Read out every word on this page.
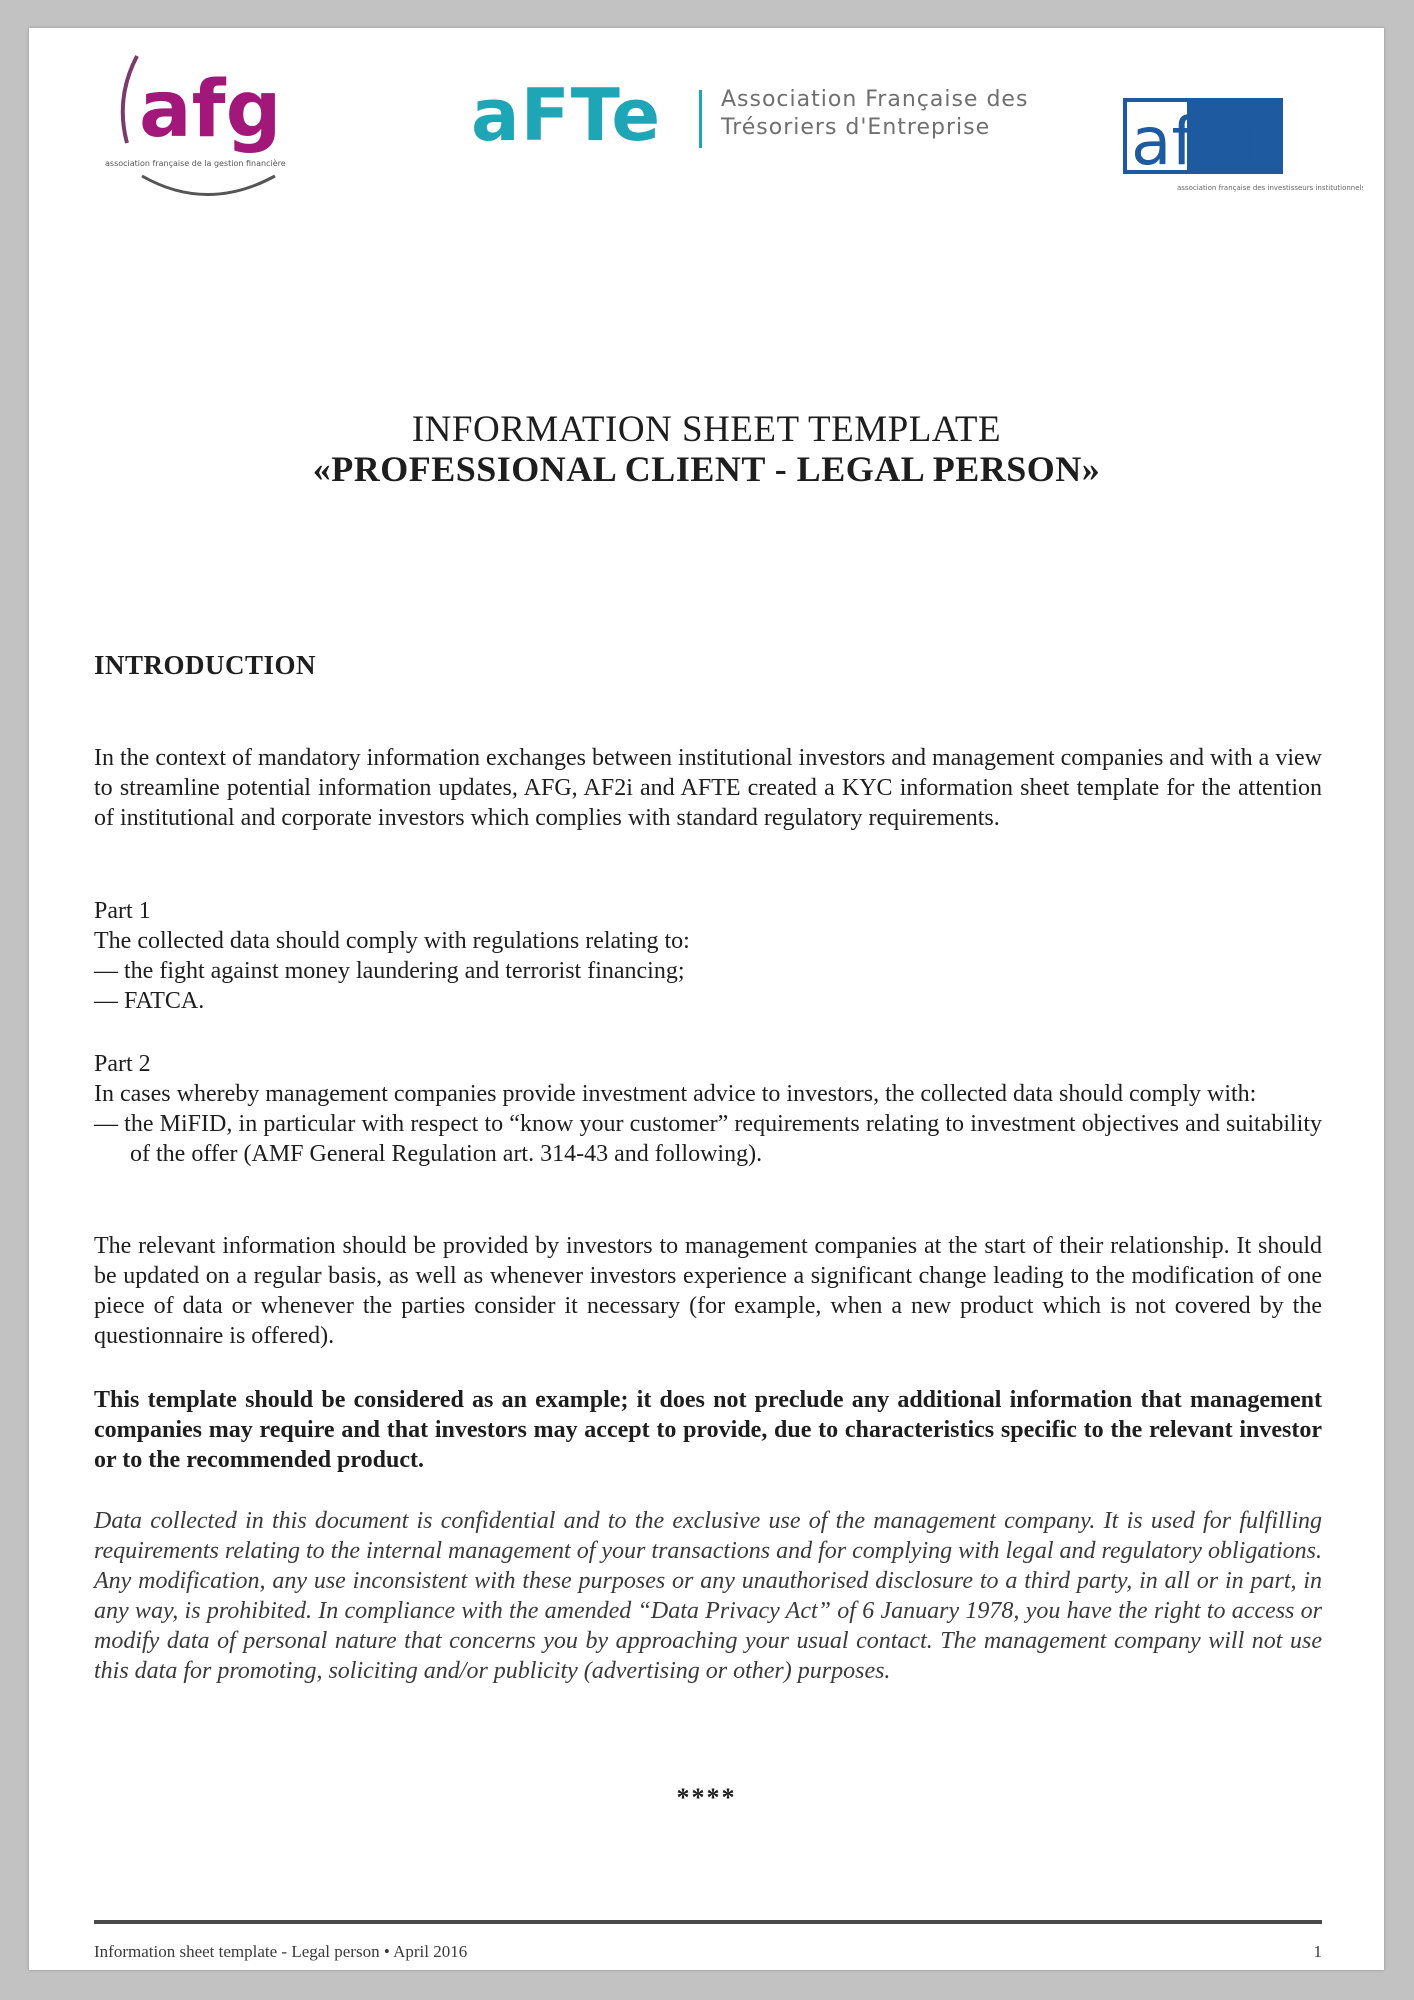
afg
association française de la gestion financière
aFTe	Association Française des
Trésoriers d'Entreprise	af2i
association française des investisseurs institutionnels
INFORMATION SHEET TEMPLATE
«PROFESSIONAL CLIENT - LEGAL PERSON»
INTRODUCTION
In the context of mandatory information exchanges between institutional investors and management companies and with a view to streamline potential information updates, AFG, AF2i and AFTE created a KYC information sheet template for the attention of institutional and corporate investors which complies with standard regulatory requirements.
Part 1
The collected data should comply with regulations relating to:
— the fight against money laundering and terrorist financing;
— FATCA.
Part 2
In cases whereby management companies provide investment advice to investors, the collected data should comply with:
— the MiFID, in particular with respect to “know your customer” requirements relating to investment objectives and suitability of the offer (AMF General Regulation art. 314-43 and following).
The relevant information should be provided by investors to management companies at the start of their relationship. It should be updated on a regular basis, as well as whenever investors experience a significant change leading to the modification of one piece of data or whenever the parties consider it necessary (for example, when a new product which is not covered by the questionnaire is offered).
This template should be considered as an example; it does not preclude any additional information that management companies may require and that investors may accept to provide, due to characteristics specific to the relevant investor or to the recommended product.
Data collected in this document is confidential and to the exclusive use of the management company. It is used for fulfilling requirements relating to the internal management of your transactions and for complying with legal and regulatory obligations. Any modification, any use inconsistent with these purposes or any unauthorised disclosure to a third party, in all or in part, in any way, is prohibited. In compliance with the amended “Data Privacy Act” of 6 January 1978, you have the right to access or modify data of personal nature that concerns you by approaching your usual contact. The management company will not use this data for promoting, soliciting and/or publicity (advertising or other) purposes.
****
Information sheet template - Legal person • April 2016	1
